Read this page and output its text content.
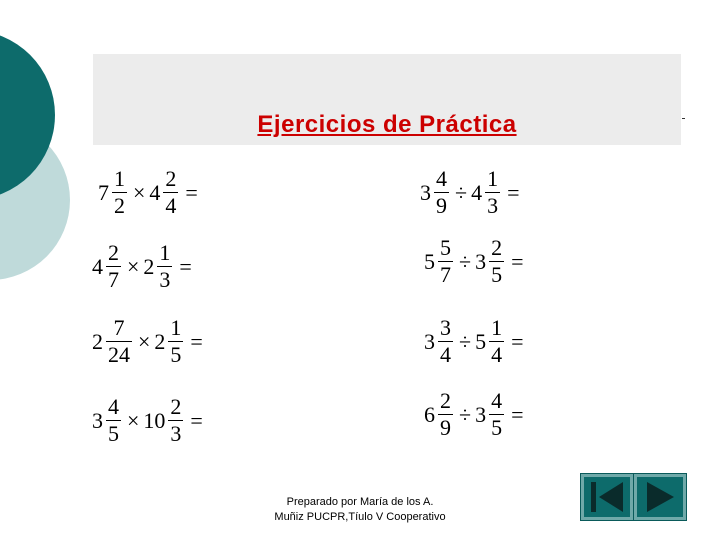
Ejercicios de Práctica
$7 \frac{1}{2} \times 4 \frac{2}{4}$ =	$3 \frac{4}{9} \div 4 \frac{1}{3}$ =
$4 \frac{2}{7} \times 2 \frac{1}{3}$ =	$5 \frac{5}{7} \div 3 \frac{2}{5}$ =
$2 \frac{7}{24} \times 2 \frac{1}{5}$ =	$3 \frac{3}{4} \div 5 \frac{1}{4}$ =
$3 \frac{4}{5} \times 10 \frac{2}{3}$ =	$6 \frac{2}{9} \div 3 \frac{4}{5}$ =
Preparado por María de los A.
Muñiz PUCPR,Tíulo V Cooperativo
